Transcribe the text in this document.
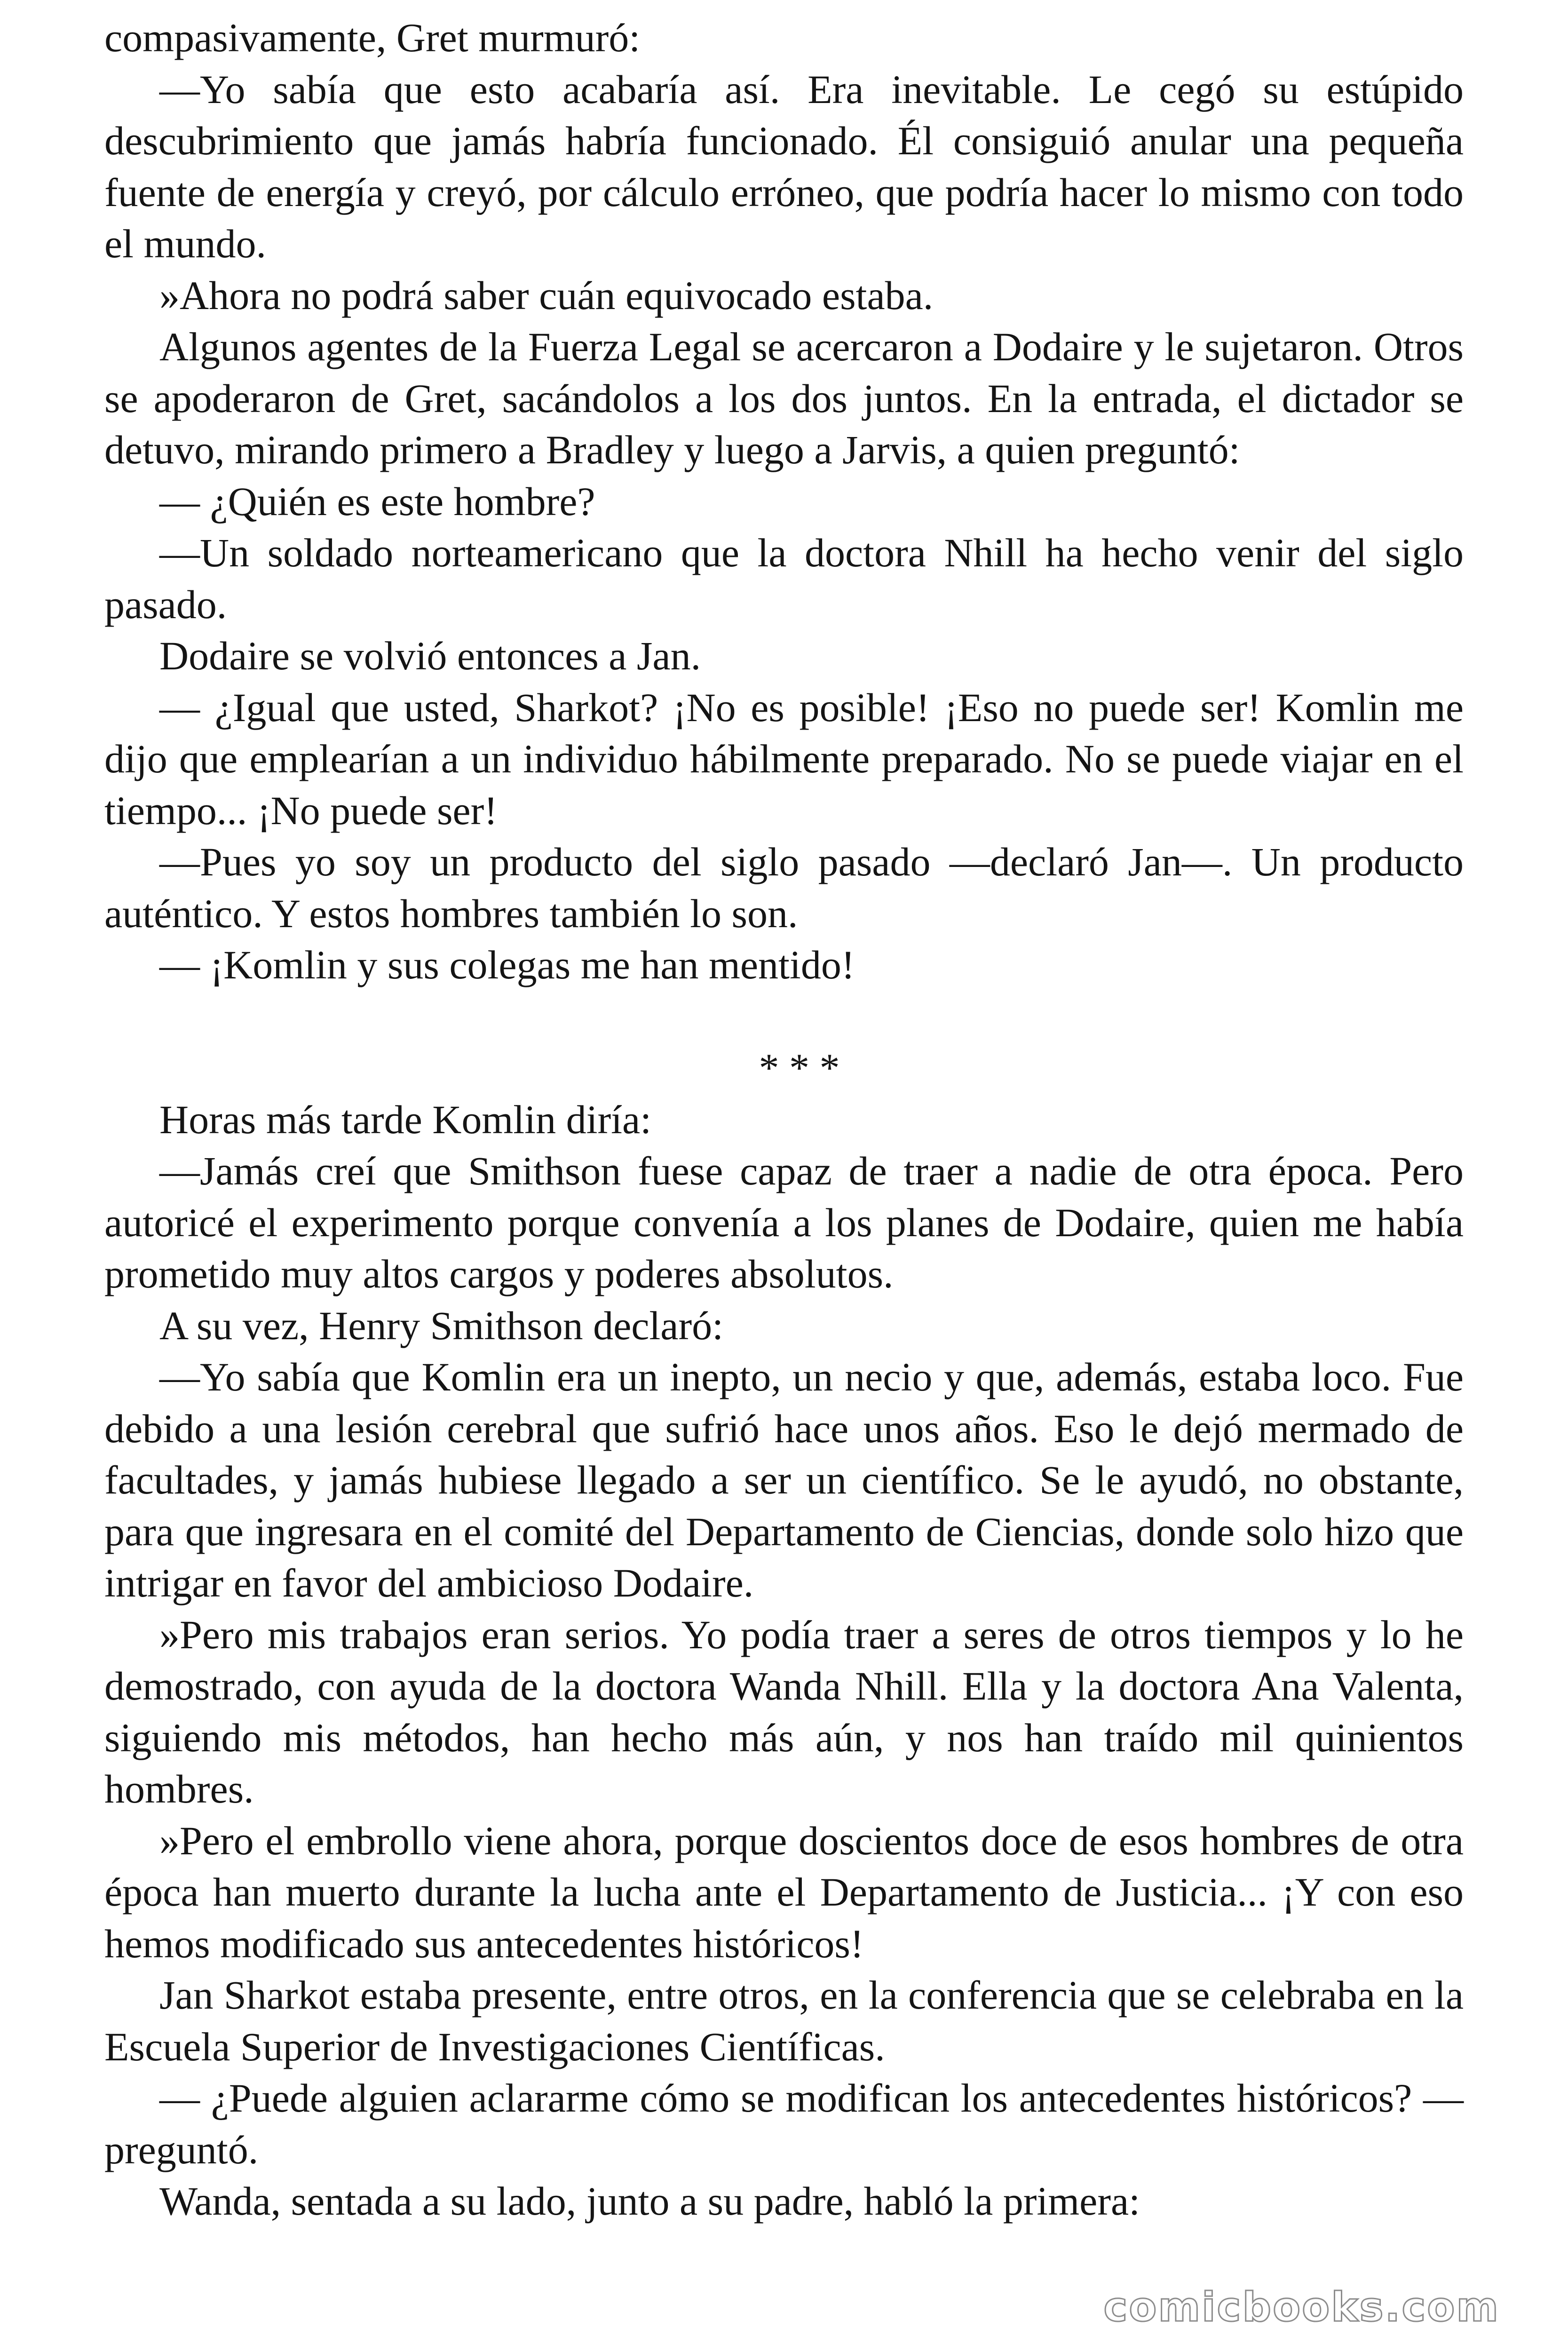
compasivamente, Gret murmuró:

—Yo sabía que esto acabaría así. Era inevitable. Le cegó su estúpido descubrimiento que jamás habría funcionado. Él consiguió anular una pequeña fuente de energía y creyó, por cálculo erróneo, que podría hacer lo mismo con todo el mundo.

»Ahora no podrá saber cuán equivocado estaba.

Algunos agentes de la Fuerza Legal se acercaron a Dodaire y le sujetaron. Otros se apoderaron de Gret, sacándolos a los dos juntos. En la entrada, el dictador se detuvo, mirando primero a Bradley y luego a Jarvis, a quien preguntó:

— ¿Quién es este hombre?

—Un soldado norteamericano que la doctora Nhill ha hecho venir del siglo pasado.

Dodaire se volvió entonces a Jan.

— ¿Igual que usted, Sharkot? ¡No es posible! ¡Eso no puede ser! Komlin me dijo que emplearían a un individuo hábilmente preparado. No se puede viajar en el tiempo... ¡No puede ser!

—Pues yo soy un producto del siglo pasado —declaró Jan—. Un producto auténtico. Y estos hombres también lo son.

— ¡Komlin y sus colegas me han mentido!

* * *

Horas más tarde Komlin diría:

—Jamás creí que Smithson fuese capaz de traer a nadie de otra época. Pero autoricé el experimento porque convenía a los planes de Dodaire, quien me había prometido muy altos cargos y poderes absolutos.

A su vez, Henry Smithson declaró:

—Yo sabía que Komlin era un inepto, un necio y que, además, estaba loco. Fue debido a una lesión cerebral que sufrió hace unos años. Eso le dejó mermado de facultades, y jamás hubiese llegado a ser un científico. Se le ayudó, no obstante, para que ingresara en el comité del Departamento de Ciencias, donde solo hizo que intrigar en favor del ambicioso Dodaire.

»Pero mis trabajos eran serios. Yo podía traer a seres de otros tiempos y lo he demostrado, con ayuda de la doctora Wanda Nhill. Ella y la doctora Ana Valenta, siguiendo mis métodos, han hecho más aún, y nos han traído mil quinientos hombres.

»Pero el embrollo viene ahora, porque doscientos doce de esos hombres de otra época han muerto durante la lucha ante el Departamento de Justicia... ¡Y con eso hemos modificado sus antecedentes históricos!

Jan Sharkot estaba presente, entre otros, en la conferencia que se celebraba en la Escuela Superior de Investigaciones Científicas.

— ¿Puede alguien aclararme cómo se modifican los antecedentes históricos? —preguntó.

Wanda, sentada a su lado, junto a su padre, habló la primera:

comicbooks.com
